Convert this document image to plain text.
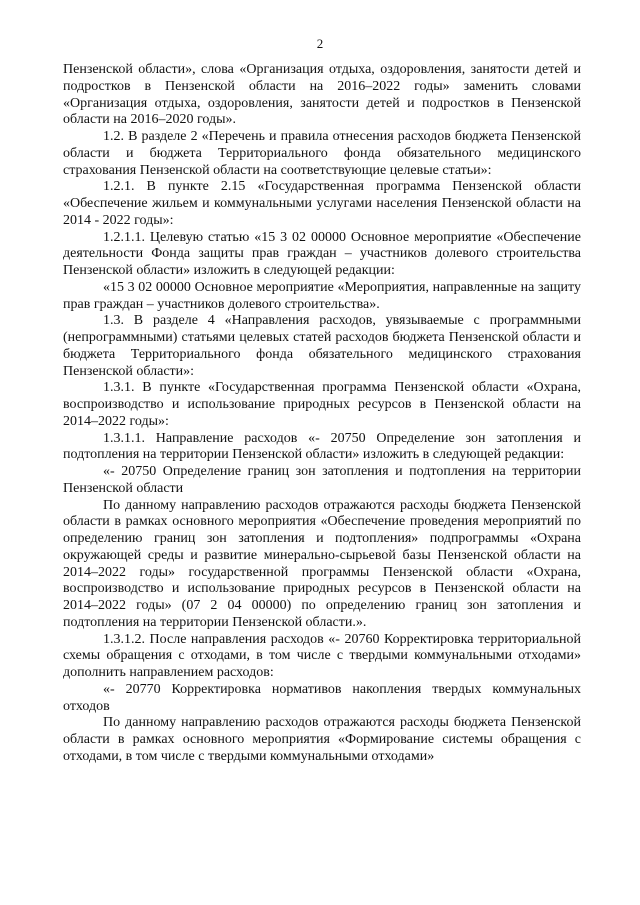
2

Пензенской области», слова «Организация отдыха, оздоровления, занятости детей и подростков в Пензенской области на 2016–2022 годы» заменить словами «Организация отдыха, оздоровления, занятости детей и подростков в Пензенской области на 2016–2020 годы».

1.2. В разделе 2 «Перечень и правила отнесения расходов бюджета Пензенской области и бюджета Территориального фонда обязательного медицинского страхования Пензенской области на соответствующие целевые статьи»:

1.2.1. В пункте 2.15 «Государственная программа Пензенской области «Обеспечение жильем и коммунальными услугами населения Пензенской области на 2014 - 2022 годы»:

1.2.1.1. Целевую статью «15 3 02 00000 Основное мероприятие «Обеспечение деятельности Фонда защиты прав граждан – участников долевого строительства Пензенской области» изложить в следующей редакции:

«15 3 02 00000 Основное мероприятие «Мероприятия, направленные на защиту прав граждан – участников долевого строительства».

1.3. В разделе 4 «Направления расходов, увязываемые с программными (непрограммными) статьями целевых статей расходов бюджета Пензенской области и бюджета Территориального фонда обязательного медицинского страхования Пензенской области»:

1.3.1. В пункте «Государственная программа Пензенской области «Охрана, воспроизводство и использование природных ресурсов в Пензенской области на 2014–2022 годы»:

1.3.1.1. Направление расходов «- 20750 Определение зон затопления и подтопления на территории Пензенской области» изложить в следующей редакции:

«- 20750 Определение границ зон затопления и подтопления на территории Пензенской области

По данному направлению расходов отражаются расходы бюджета Пензенской области в рамках основного мероприятия «Обеспечение проведения мероприятий по определению границ зон затопления и подтопления» подпрограммы «Охрана окружающей среды и развитие минерально-сырьевой базы Пензенской области на 2014–2022 годы» государственной программы Пензенской области «Охрана, воспроизводство и использование природных ресурсов в Пензенской области на 2014–2022 годы» (07 2 04 00000) по определению границ зон затопления и подтопления на территории Пензенской области.».

1.3.1.2. После направления расходов «- 20760 Корректировка территориальной схемы обращения с отходами, в том числе с твердыми коммунальными отходами» дополнить направлением расходов:

«- 20770 Корректировка нормативов накопления твердых коммунальных отходов

По данному направлению расходов отражаются расходы бюджета Пензенской области в рамках основного мероприятия «Формирование системы обращения с отходами, в том числе с твердыми коммунальными отходами»
